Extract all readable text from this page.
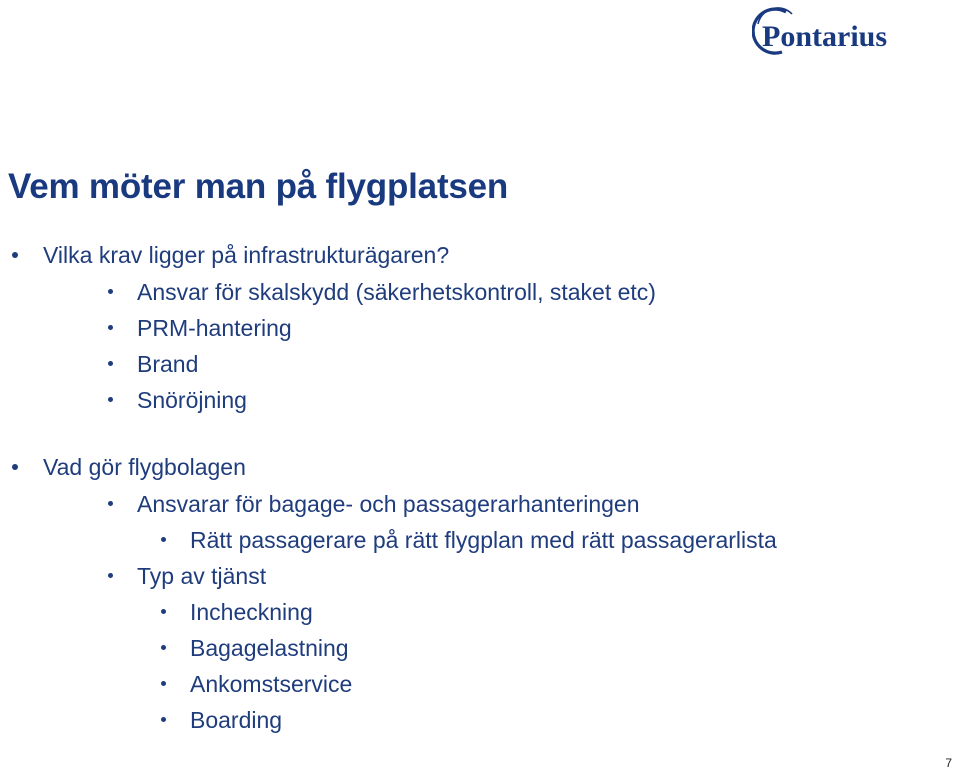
Pontarius
Vem möter man på flygplatsen
Vilka krav ligger på infrastrukturägaren?
Ansvar för skalskydd (säkerhetskontroll, staket etc)
PRM-hantering
Brand
Snöröjning
Vad gör flygbolagen
Ansvarar för bagage- och passagerarhanteringen
Rätt passagerare på rätt flygplan med rätt passagerarlista
Typ av tjänst
Incheckning
Bagagelastning
Ankomstservice
Boarding
7
